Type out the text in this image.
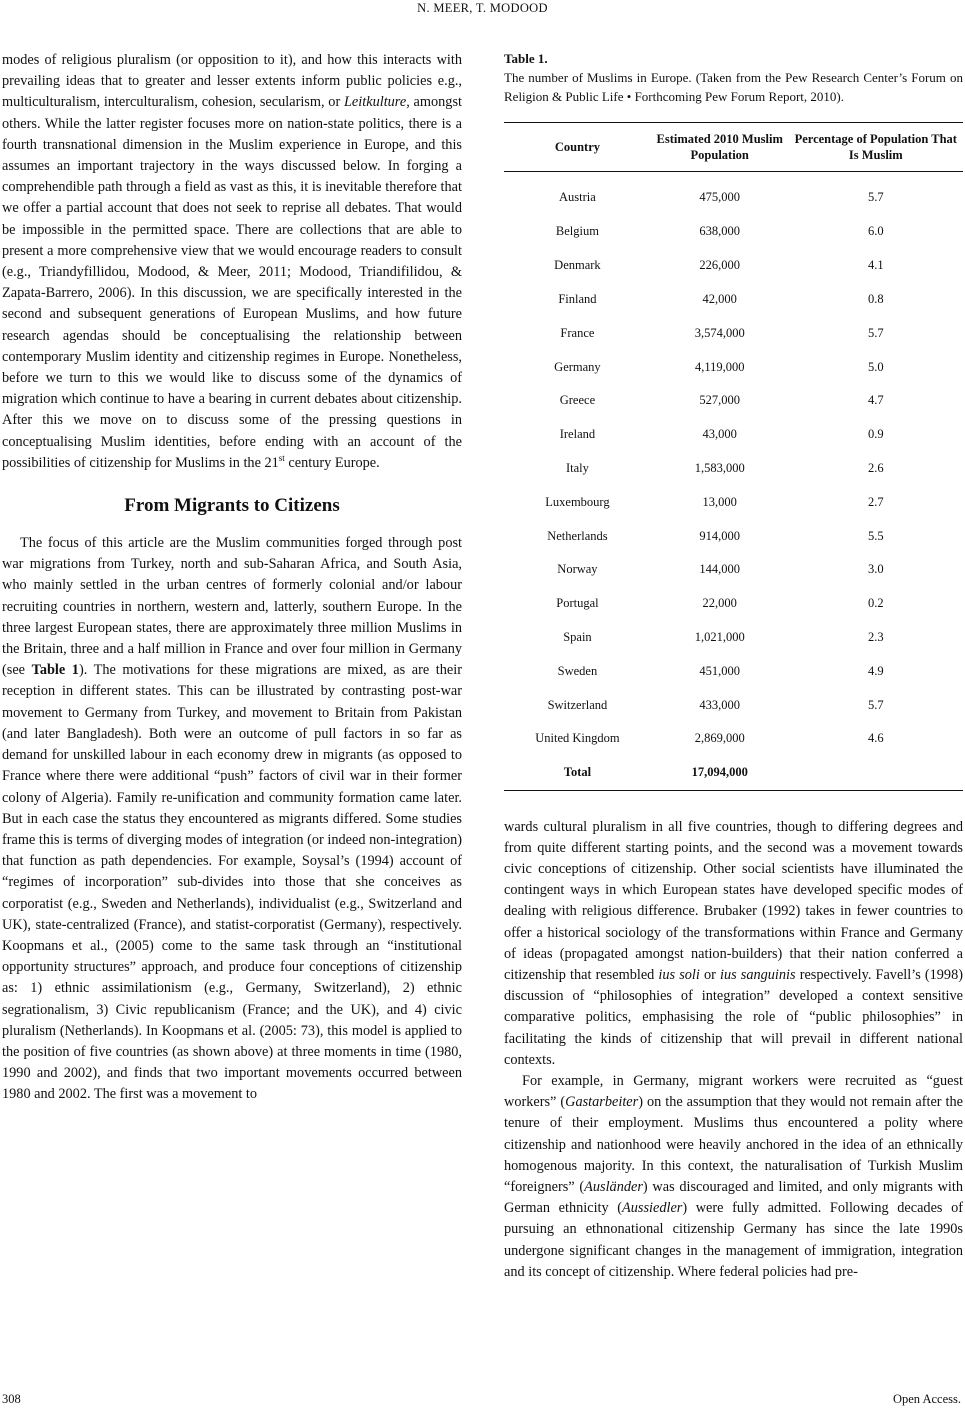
N. MEER, T. MODOOD

modes of religious pluralism (or opposition to it), and how this interacts with prevailing ideas that to greater and lesser extents inform public policies e.g., multiculturalism, interculturalism, cohesion, secularism, or Leitkulture, amongst others. While the latter register focuses more on nation-state politics, there is a fourth transnational dimension in the Muslim experience in Europe, and this assumes an important trajectory in the ways discussed below. In forging a comprehendible path through a field as vast as this, it is inevitable therefore that we offer a partial account that does not seek to reprise all debates. That would be impossible in the permitted space. There are collections that are able to present a more comprehensive view that we would encourage readers to consult (e.g., Triandyfillidou, Modood, & Meer, 2011; Modood, Triandifilidou, & Zapata-Barrero, 2006). In this discussion, we are specifically interested in the second and subsequent generations of European Muslims, and how future research agendas should be conceptualising the relationship between contemporary Muslim identity and citizenship regimes in Europe. Nonetheless, before we turn to this we would like to discuss some of the dynamics of migration which continue to have a bearing in current debates about citizenship. After this we move on to discuss some of the pressing questions in conceptualising Muslim identities, before ending with an account of the possibilities of citizenship for Muslims in the 21st century Europe.

From Migrants to Citizens

The focus of this article are the Muslim communities forged through post war migrations from Turkey, north and sub-Saharan Africa, and South Asia, who mainly settled in the urban centres of formerly colonial and/or labour recruiting countries in northern, western and, latterly, southern Europe. In the three largest European states, there are approximately three million Muslims in the Britain, three and a half million in France and over four million in Germany (see Table 1). The motivations for these migrations are mixed, as are their reception in different states. This can be illustrated by contrasting post-war movement to Germany from Turkey, and movement to Britain from Pakistan (and later Bangladesh). Both were an outcome of pull factors in so far as demand for unskilled labour in each economy drew in migrants (as opposed to France where there were additional “push” factors of civil war in their former colony of Algeria). Family re-unification and community formation came later. But in each case the status they encountered as migrants differed. Some studies frame this is terms of diverging modes of integration (or indeed non-integration) that function as path dependencies. For example, Soysal’s (1994) account of “regimes of incorporation” sub-divides into those that she conceives as corporatist (e.g., Sweden and Netherlands), individualist (e.g., Switzerland and UK), state-centralized (France), and statist-corporatist (Germany), respectively. Koopmans et al., (2005) come to the same task through an “institutional opportunity structures” approach, and produce four conceptions of citizenship as: 1) ethnic assimilationism (e.g., Germany, Switzerland), 2) ethnic segrationalism, 3) Civic republicanism (France; and the UK), and 4) civic pluralism (Netherlands). In Koopmans et al. (2005: 73), this model is applied to the position of five countries (as shown above) at three moments in time (1980, 1990 and 2002), and finds that two important movements occurred between 1980 and 2002. The first was a movement to

Table 1.

The number of Muslims in Europe. (Taken from the Pew Research Center’s Forum on Religion & Public Life • Forthcoming Pew Forum Report, 2010).

Country	Estimated 2010 Muslim Population	Percentage of Population That Is Muslim
Austria	475,000	5.7
Belgium	638,000	6.0
Denmark	226,000	4.1
Finland	42,000	0.8
France	3,574,000	5.7
Germany	4,119,000	5.0
Greece	527,000	4.7
Ireland	43,000	0.9
Italy	1,583,000	2.6
Luxembourg	13,000	2.7
Netherlands	914,000	5.5
Norway	144,000	3.0
Portugal	22,000	0.2
Spain	1,021,000	2.3
Sweden	451,000	4.9
Switzerland	433,000	5.7
United Kingdom	2,869,000	4.6
Total	17,094,000	

wards cultural pluralism in all five countries, though to differing degrees and from quite different starting points, and the second was a movement towards civic conceptions of citizenship. Other social scientists have illuminated the contingent ways in which European states have developed specific modes of dealing with religious difference. Brubaker (1992) takes in fewer countries to offer a historical sociology of the transformations within France and Germany of ideas (propagated amongst nation-builders) that their nation conferred a citizenship that resembled ius soli or ius sanguinis respectively. Favell’s (1998) discussion of “philosophies of integration” developed a context sensitive comparative politics, emphasising the role of “public philosophies” in facilitating the kinds of citizenship that will prevail in different national contexts.

For example, in Germany, migrant workers were recruited as “guest workers” (Gastarbeiter) on the assumption that they would not remain after the tenure of their employment. Muslims thus encountered a polity where citizenship and nationhood were heavily anchored in the idea of an ethnically homogenous majority. In this context, the naturalisation of Turkish Muslim “foreigners” (Ausländer) was discouraged and limited, and only migrants with German ethnicity (Aussiedler) were fully admitted. Following decades of pursuing an ethnonational citizenship Germany has since the late 1990s undergone significant changes in the management of immigration, integration and its concept of citizenship. Where federal policies had pre-

308	Open Access.
